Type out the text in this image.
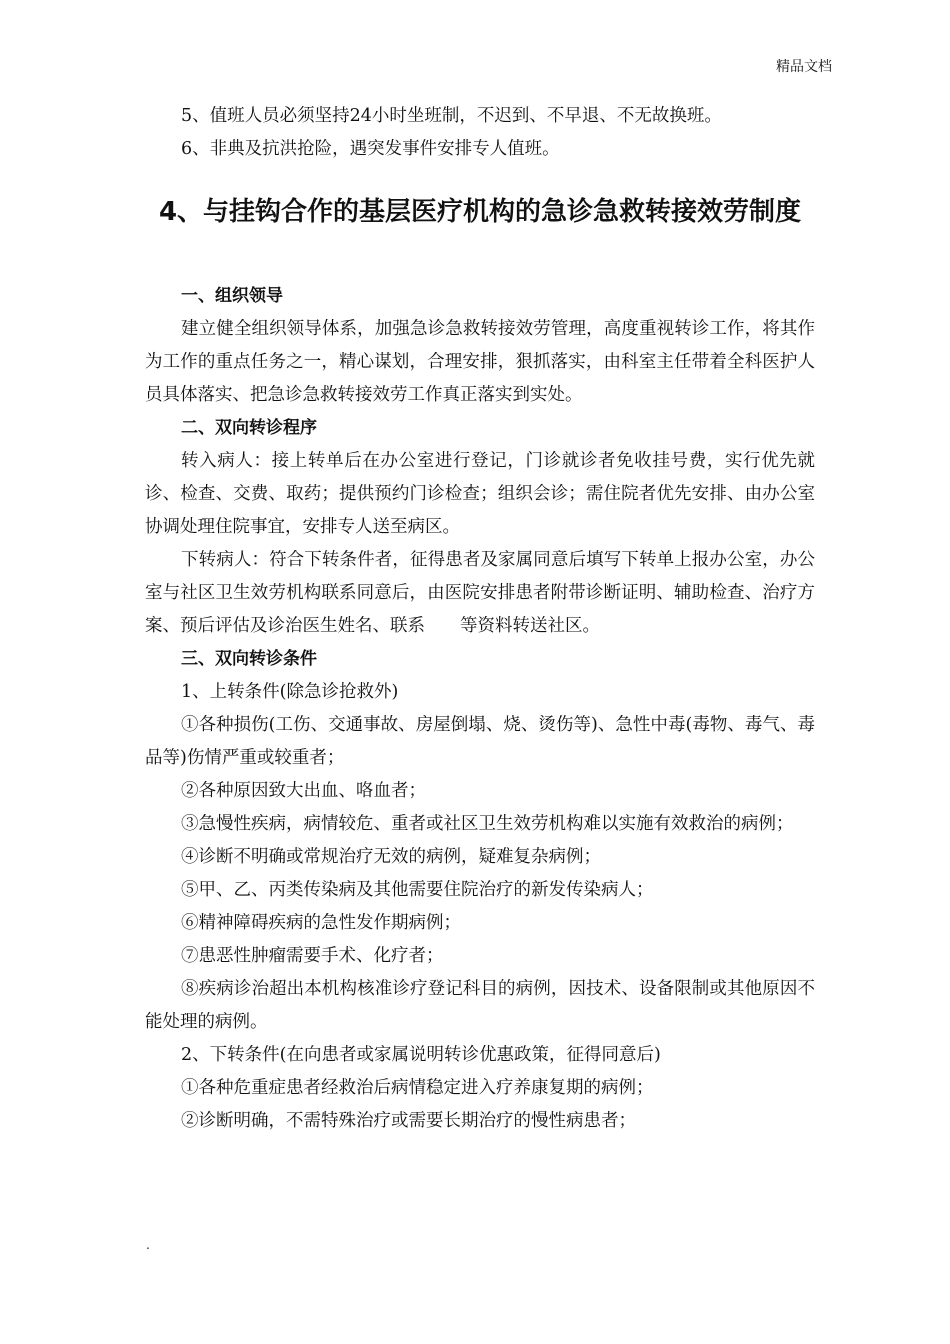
精品文档

5、值班人员必须坚持24小时坐班制，不迟到、不早退、不无故换班。

6、非典及抗洪抢险，遇突发事件安排专人值班。

4、与挂钩合作的基层医疗机构的急诊急救转接效劳制度

一、组织领导

建立健全组织领导体系，加强急诊急救转接效劳管理，高度重视转诊工作，将其作为工作的重点任务之一，精心谋划，合理安排，狠抓落实，由科室主任带着全科医护人员具体落实、把急诊急救转接效劳工作真正落实到实处。

二、双向转诊程序

转入病人：接上转单后在办公室进行登记，门诊就诊者免收挂号费，实行优先就诊、检查、交费、取药；提供预约门诊检查；组织会诊；需住院者优先安排、由办公室协调处理住院事宜，安排专人送至病区。

下转病人：符合下转条件者，征得患者及家属同意后填写下转单上报办公室，办公室与社区卫生效劳机构联系同意后，由医院安排患者附带诊断证明、辅助检查、治疗方案、预后评估及诊治医生姓名、联系　　等资料转送社区。

三、双向转诊条件

1、上转条件(除急诊抢救外)

①各种损伤(工伤、交通事故、房屋倒塌、烧、烫伤等)、急性中毒(毒物、毒气、毒品等)伤情严重或较重者；

②各种原因致大出血、咯血者；

③急慢性疾病，病情较危、重者或社区卫生效劳机构难以实施有效救治的病例；

④诊断不明确或常规治疗无效的病例，疑难复杂病例；

⑤甲、乙、丙类传染病及其他需要住院治疗的新发传染病人；

⑥精神障碍疾病的急性发作期病例；

⑦患恶性肿瘤需要手术、化疗者；

⑧疾病诊治超出本机构核准诊疗登记科目的病例，因技术、设备限制或其他原因不能处理的病例。

2、下转条件(在向患者或家属说明转诊优惠政策，征得同意后)

①各种危重症患者经救治后病情稳定进入疗养康复期的病例；

②诊断明确，不需特殊治疗或需要长期治疗的慢性病患者；

.
